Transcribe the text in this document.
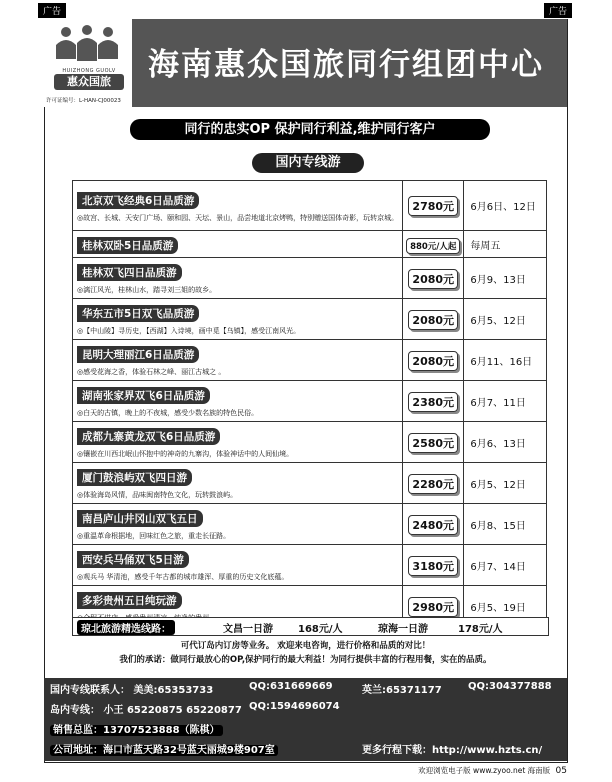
广告	广告
HUIZHONG GUOLV
惠众国旅
许可证编号：L-HAN-CJ00023
海南惠众国旅同行组团中心
同行的忠实OP 保护同行利益,维护同行客户
国内专线游
北京双飞经典6日品质游
◎故宫、长城、天安门广场、颐和园、天坛、景山，品尝地道北京烤鸭，特别赠送国体奇影，玩转京城。	2780元	6月6日、12日
桂林双卧5日品质游	880元/人起	每周五
桂林双飞四日品质游
◎漓江风光，桂林山水，踏寻刘三姐的故乡。	2080元	6月9、13日
华东五市5日双飞品质游
◎【中山陵】寻历史，【西湖】入诗境，画中觅【乌镇】，感受江南风光。	2080元	6月5、12日
昆明大理丽江6日品质游
◎感受花海之香，体验石林之峰、丽江古城之 。	2080元	6月11、16日
湖南张家界双飞6日品质游
◎白天的古镇，晚上的不夜城，感受少数名族的特色民俗。	2380元	6月7、11日
成都九寨黄龙双飞6日品质游
◎镶嵌在川西北岷山怀抱中的神奇的九寨沟，体验神话中的人间仙境。	2580元	6月6、13日
厦门鼓浪屿双飞四日游
◎体验海岛风情，品味闽南特色文化，玩转鼓浪屿。	2280元	6月5、12日
南昌庐山井冈山双飞五日
◎重温革命根据地，回味红色之旅，重走长征路。	2480元	6月8、15日
西安兵马俑双飞5日游
◎观兵马 华清池，感受千年古都的城市雄浑、厚重的历史文化底蕴。	3180元	6月7、14日
多彩贵州五日纯玩游	2980元	6月5、19日
琼北旅游精选线路：	文昌一日游	168元/人	琼海一日游	178元/人
可代订岛内订房等业务。 欢迎来电咨询，进行价格和品质的对比！
我们的承诺：做同行最放心的OP,保护同行的最大利益！为同行提供丰富的行程用餐，实在的品质。
国内专线联系人： 美美:65353733	QQ:631669669	英兰:65371177	QQ:304377888
岛内专线： 小王 65220875 65220877 QQ:1594696074
销售总监：13707523888（陈棋）
公司地址：海口市蓝天路32号蓝天丽城9楼907室	更多行程下载：http://www.hzts.cn/
欢迎浏览电子版 www.zyoo.net 海南版 05
